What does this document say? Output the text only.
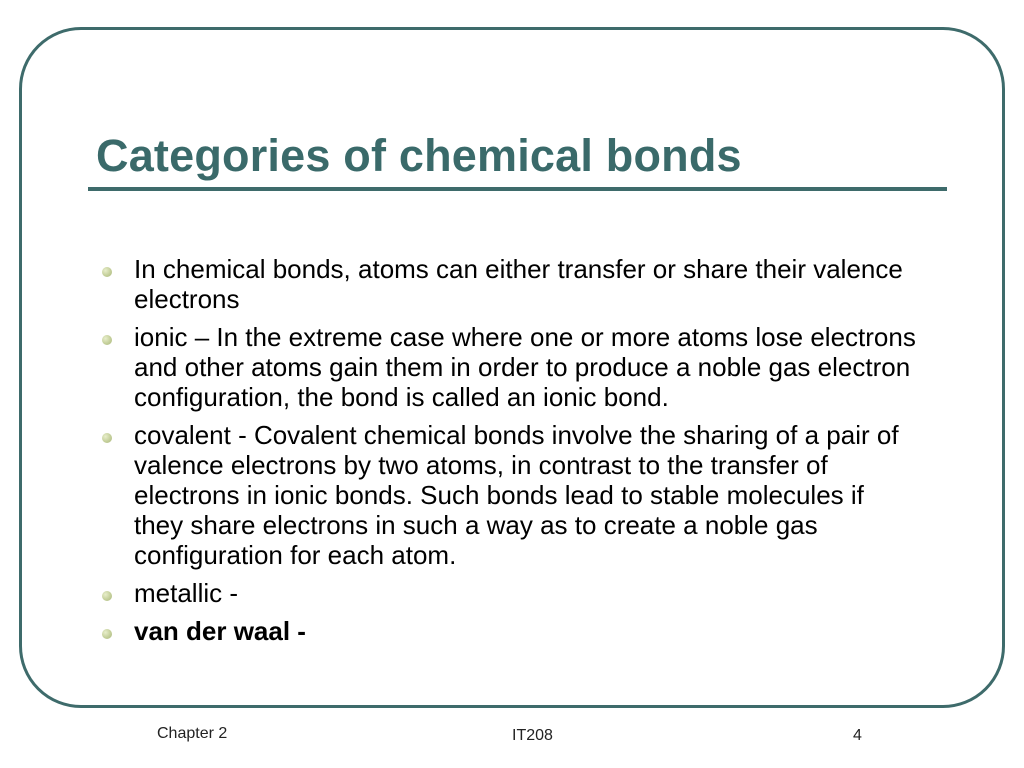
Categories of chemical bonds
In chemical bonds, atoms can either transfer or share their valence electrons
ionic – In the extreme case where one or more atoms lose electrons and other atoms gain them in order to produce a noble gas electron configuration, the bond is called an ionic bond.
covalent - Covalent chemical bonds involve the sharing of a pair of valence electrons by two atoms, in contrast to the transfer of electrons in ionic bonds. Such bonds lead to stable molecules if they share electrons in such a way as to create a noble gas configuration for each atom.
metallic -
van der waal -
Chapter 2	IT208	4
